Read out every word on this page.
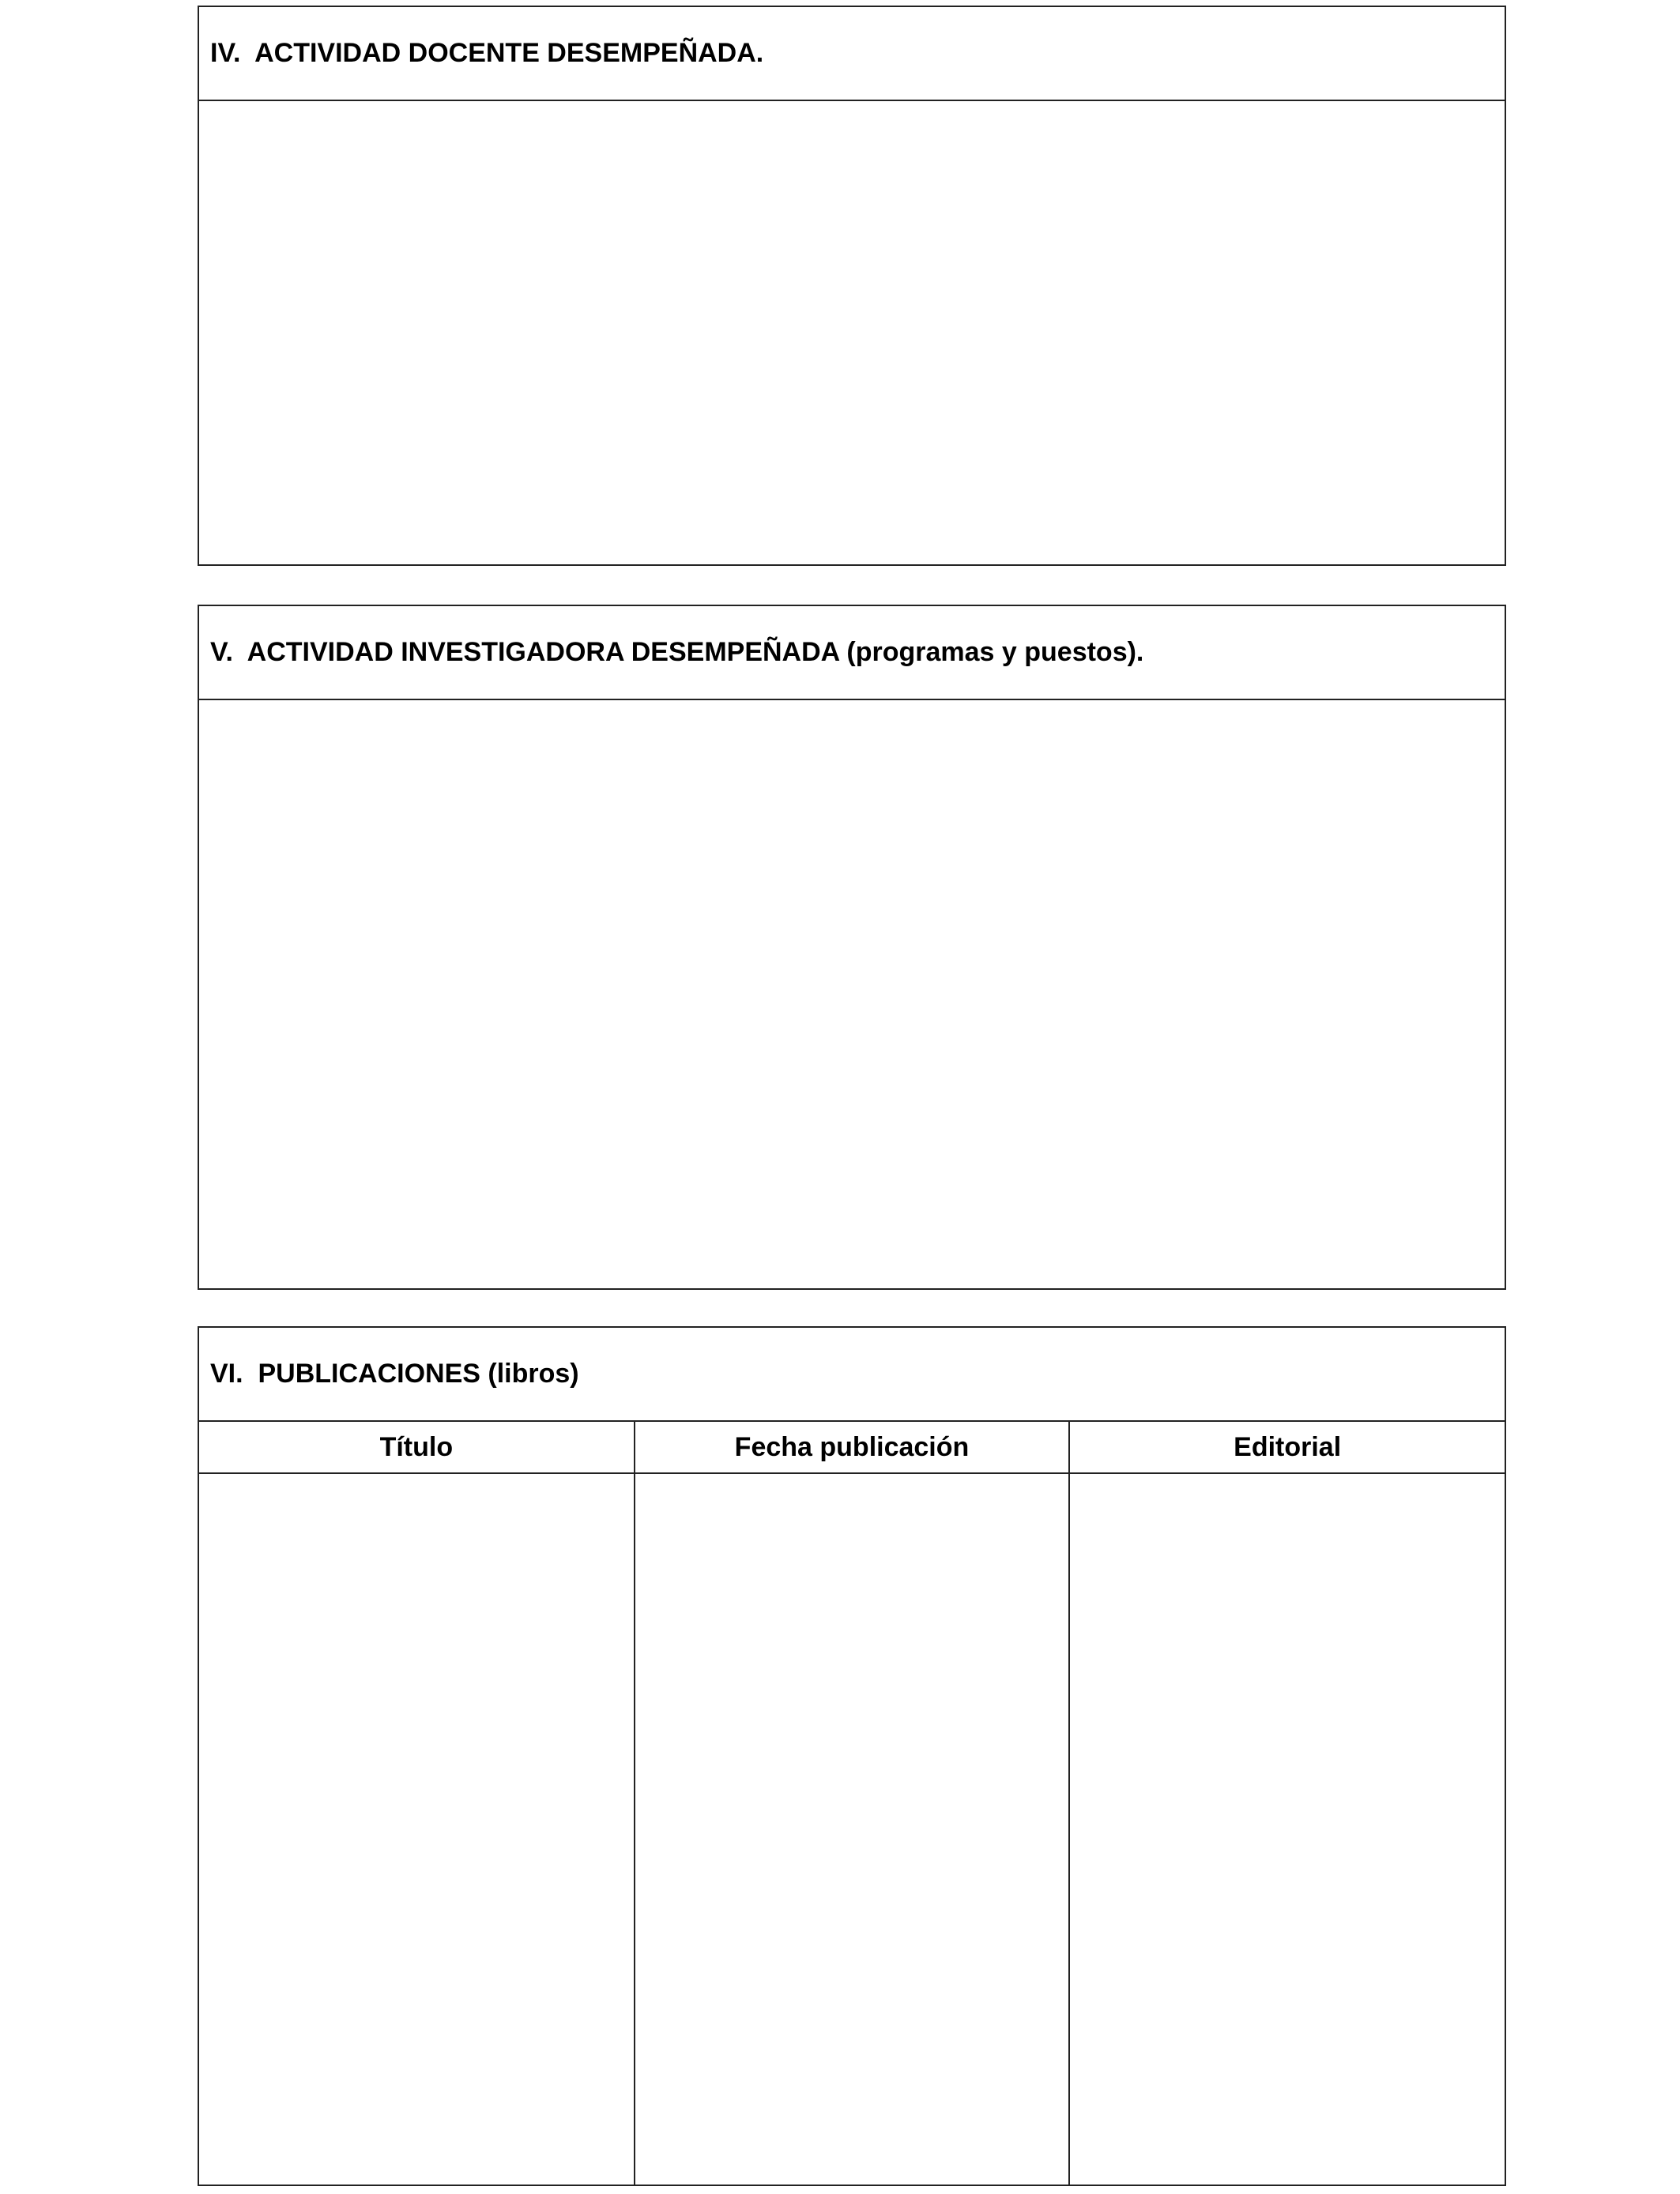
IV.  ACTIVIDAD DOCENTE DESEMPEÑADA.
V.  ACTIVIDAD INVESTIGADORA DESEMPEÑADA (programas y puestos).
VI.  PUBLICACIONES (libros)
Título	Fecha publicación	Editorial
